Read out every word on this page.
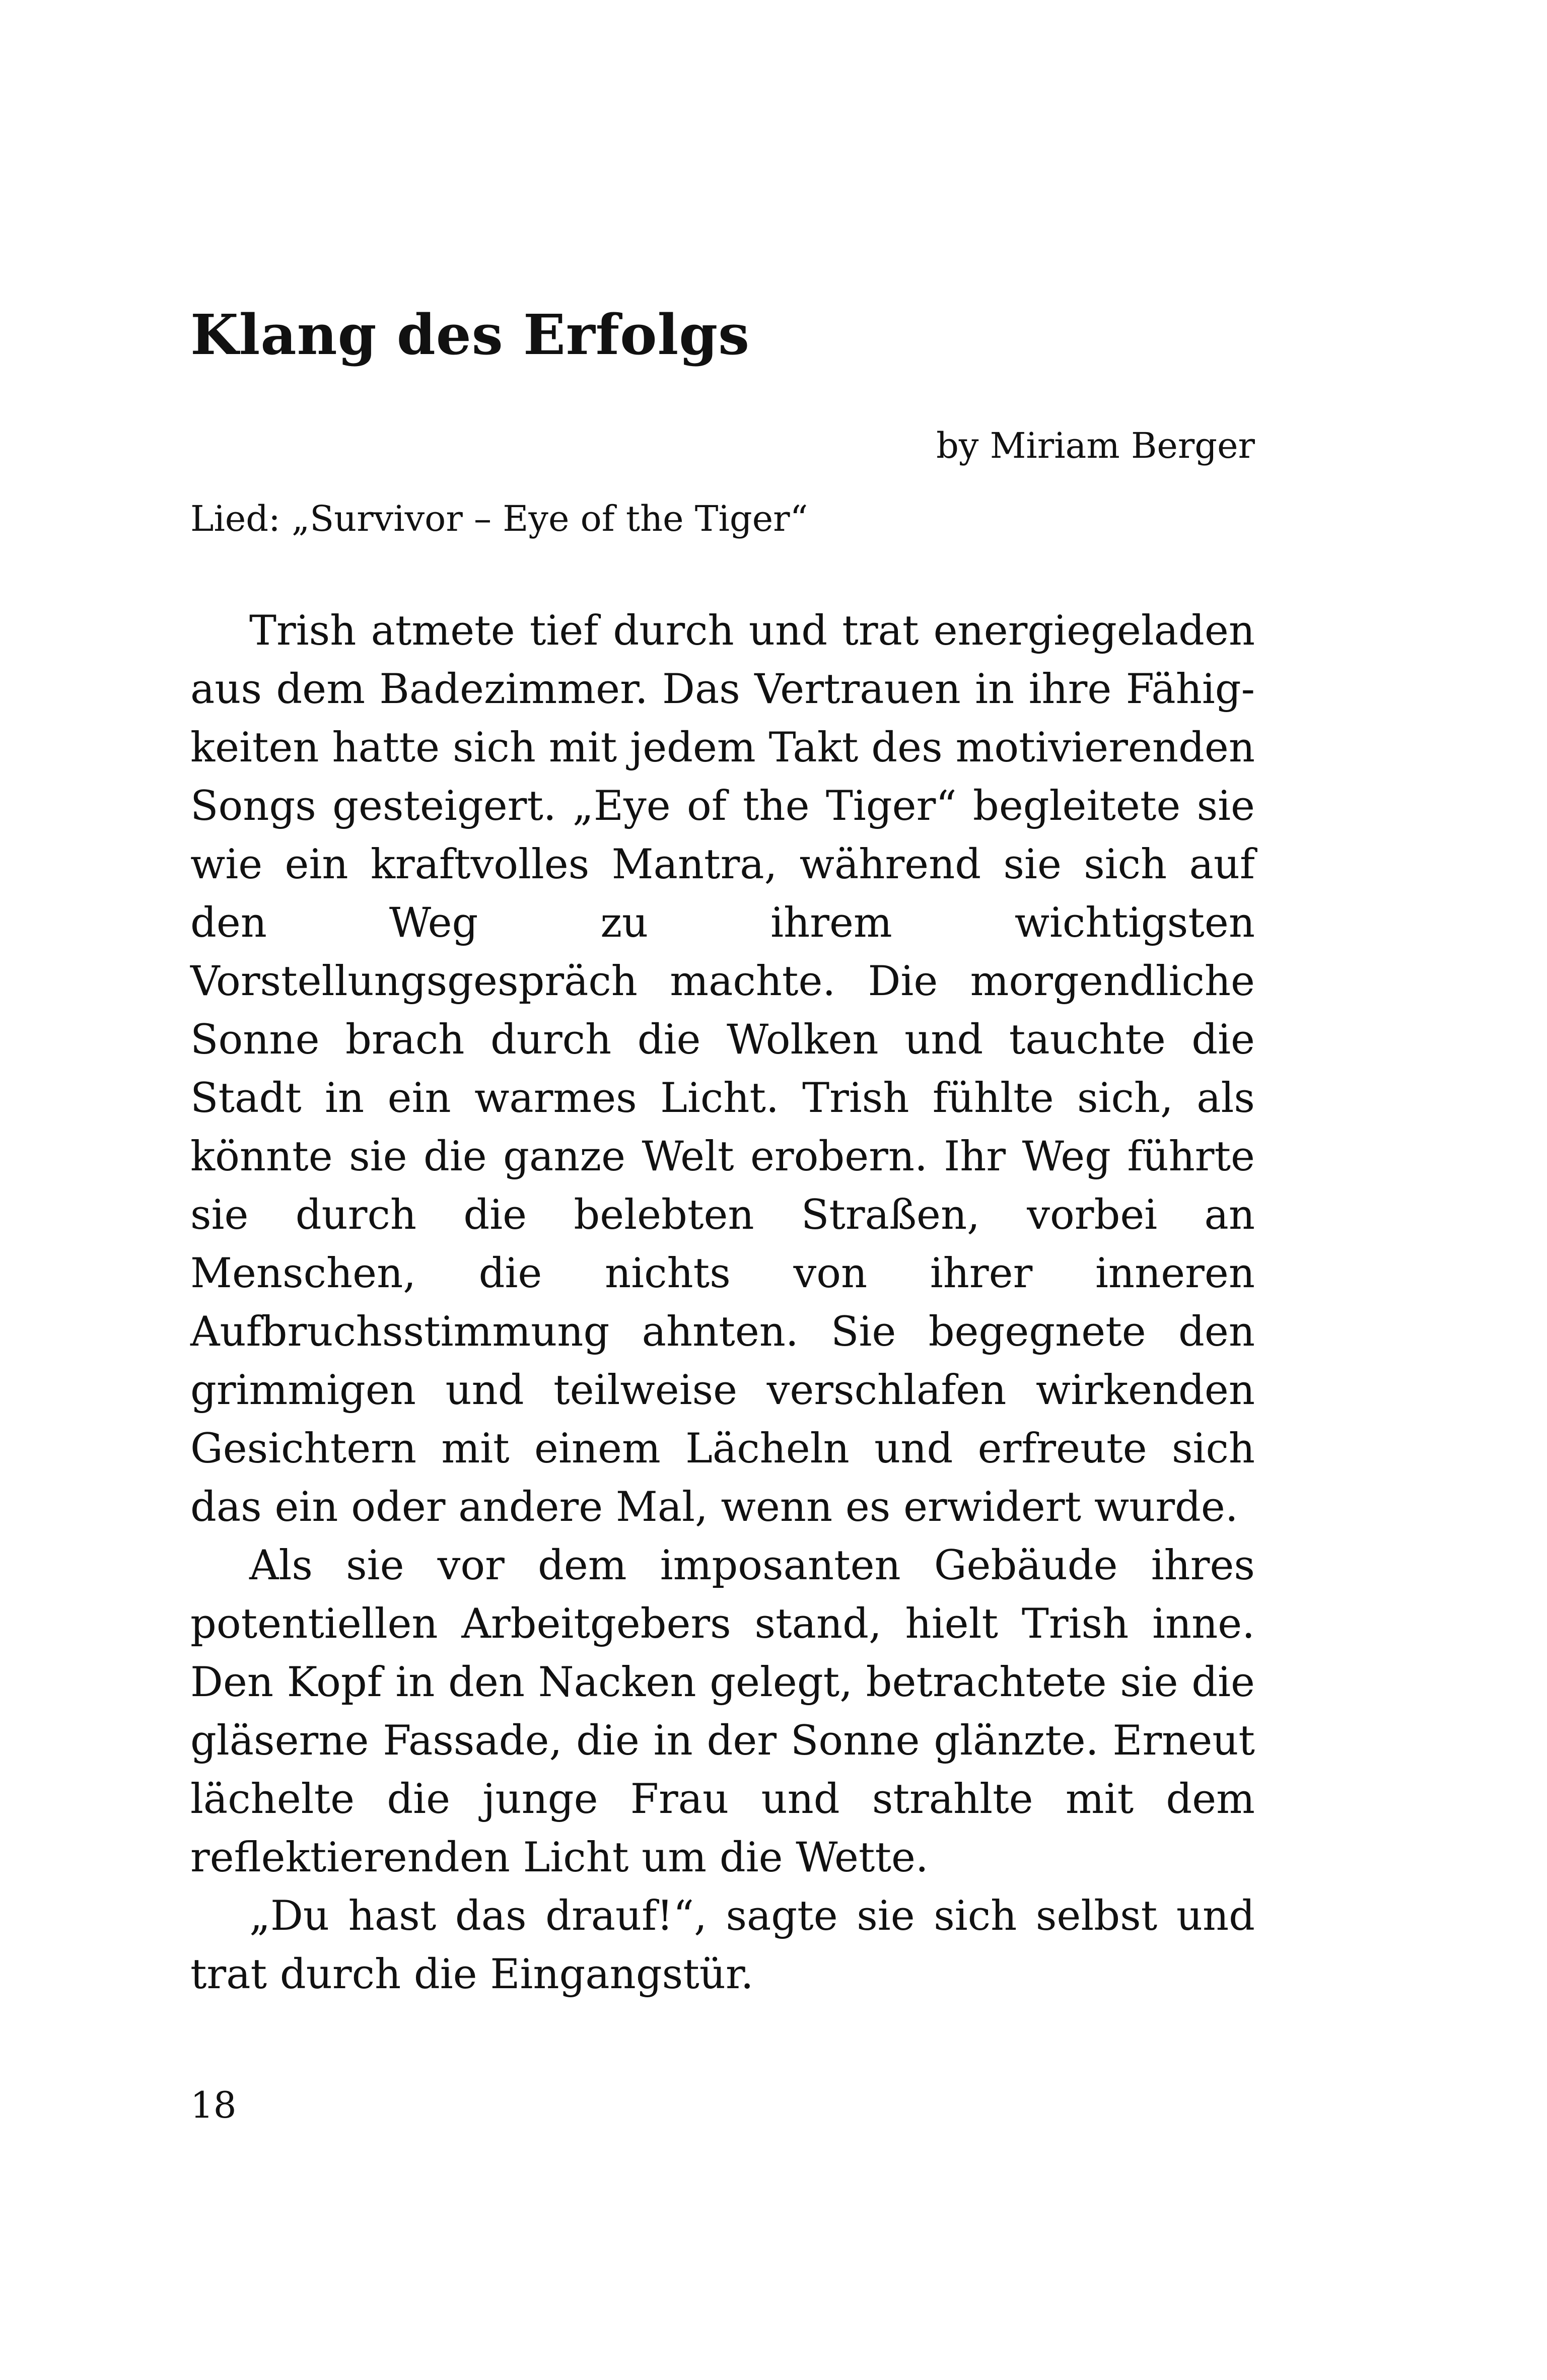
Klang des Erfolgs
by Miriam Berger
Lied: „Survivor – Eye of the Tiger“

Trish atmete tief durch und trat energiegeladen aus dem Badezimmer. Das Vertrauen in ihre Fähigkeiten hatte sich mit jedem Takt des motivierenden Songs gesteigert. „Eye of the Tiger“ begleitete sie wie ein kraftvolles Mantra, während sie sich auf den Weg zu ihrem wichtigsten Vorstellungsgespräch machte. Die morgendliche Sonne brach durch die Wolken und tauchte die Stadt in ein warmes Licht. Trish fühlte sich, als könnte sie die ganze Welt erobern. Ihr Weg führte sie durch die belebten Straßen, vorbei an Menschen, die nichts von ihrer inneren Aufbruchsstimmung ahnten. Sie begegnete den grimmigen und teilweise verschlafen wirkenden Gesichtern mit einem Lächeln und erfreute sich das ein oder andere Mal, wenn es erwidert wurde.

Als sie vor dem imposanten Gebäude ihres potentiellen Arbeitgebers stand, hielt Trish inne. Den Kopf in den Nacken gelegt, betrachtete sie die gläserne Fassade, die in der Sonne glänzte. Erneut lächelte die junge Frau und strahlte mit dem reflektierenden Licht um die Wette.

„Du hast das drauf!“, sagte sie sich selbst und trat durch die Eingangstür.

18
